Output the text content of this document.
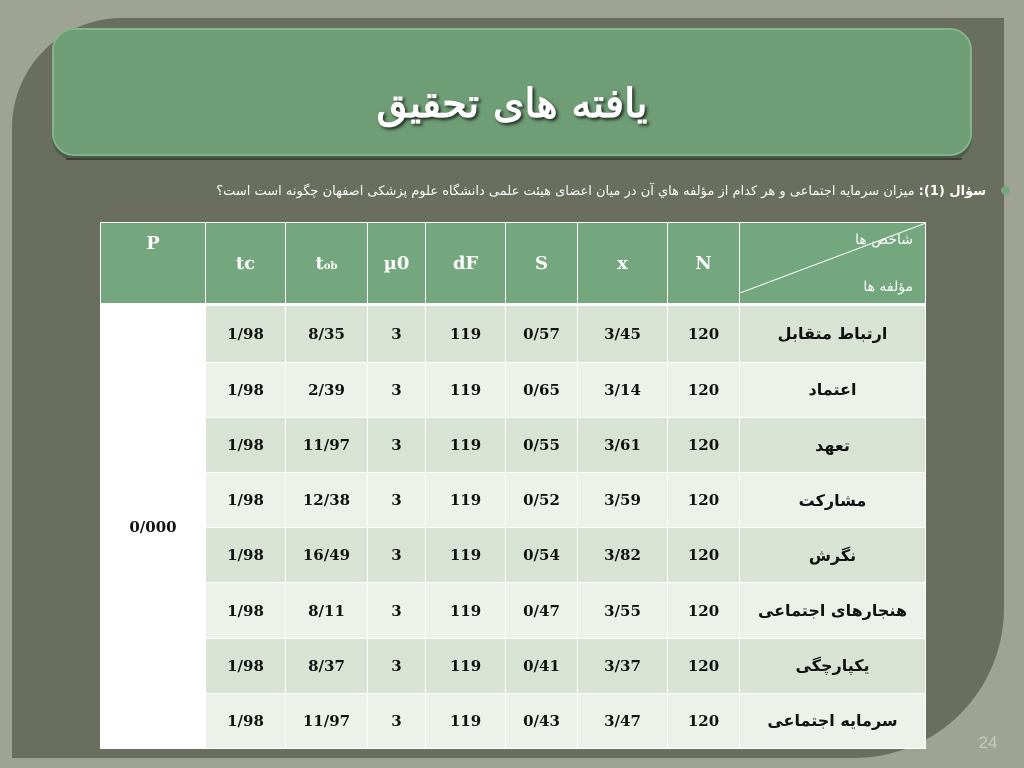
یافته های تحقیق
سؤال (1): میزان سرمایه اجتماعی و هر کدام از مؤلفه هاي آن در میان اعضای هیئت علمی دانشگاه علوم پزشکی اصفهان چگونه است است؟
شاخص ها
مؤلفه ها	N	x	S	dF	µ0	tob	tc	P
ارتباط متقابل	120	3/45	0/57	119	3	8/35	1/98	0/000
اعتماد	120	3/14	0/65	119	3	2/39	1/98	
تعهد	120	3/61	0/55	119	3	11/97	1/98	
مشارکت	120	3/59	0/52	119	3	12/38	1/98	
نگرش	120	3/82	0/54	119	3	16/49	1/98	
هنجارهای اجتماعی	120	3/55	0/47	119	3	8/11	1/98	
یکپارچگی	120	3/37	0/41	119	3	8/37	1/98	
سرمایه اجتماعی	120	3/47	0/43	119	3	11/97	1/98	
24
